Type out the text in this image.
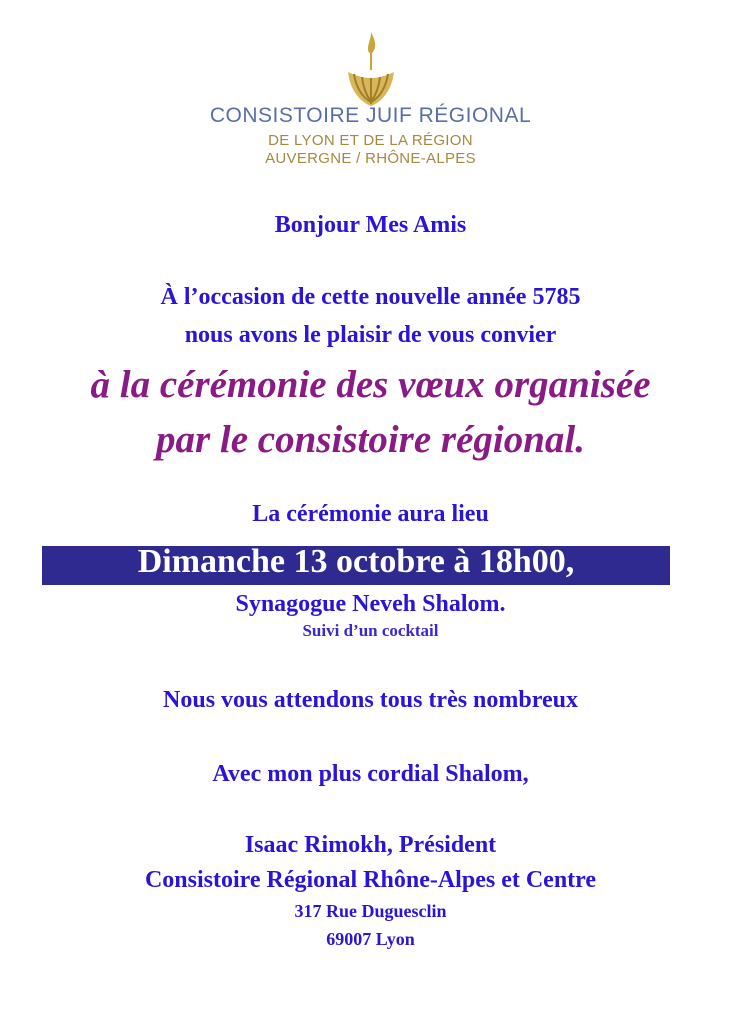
CONSISTOIRE JUIF RÉGIONAL

DE LYON ET DE LA RÉGION

AUVERGNE / RHÔNE-ALPES

Bonjour Mes Amis

À l’occasion de cette nouvelle année 5785

nous avons le plaisir de vous convier

à la cérémonie des vœux organisée

par le consistoire régional.

La cérémonie aura lieu

Dimanche 13 octobre à 18h00,

Synagogue Neveh Shalom.

Suivi d’un cocktail

Nous vous attendons tous très nombreux

Avec mon plus cordial Shalom,

Isaac Rimokh, Président

Consistoire Régional Rhône-Alpes et Centre

317 Rue Duguesclin

69007 Lyon
